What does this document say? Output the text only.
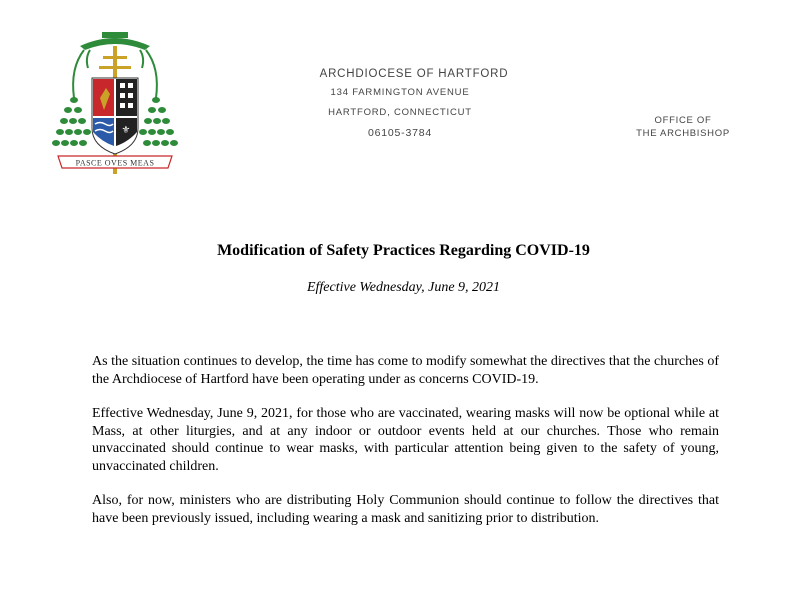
⚜
PASCE OVES MEAS
ARCHDIOCESE OF HARTFORD
134 FARMINGTON AVENUE
HARTFORD, CONNECTICUT
06105-3784
OFFICE OF
THE ARCHBISHOP
Modification of Safety Practices Regarding COVID-19
Effective Wednesday, June 9, 2021

As the situation continues to develop, the time has come to modify somewhat the directives that the churches of the Archdiocese of Hartford have been operating under as concerns COVID-19.

Effective Wednesday, June 9, 2021, for those who are vaccinated, wearing masks will now be optional while at Mass, at other liturgies, and at any indoor or outdoor events held at our churches. Those who remain unvaccinated should continue to wear masks, with particular attention being given to the safety of young, unvaccinated children.

Also, for now, ministers who are distributing Holy Communion should continue to follow the directives that have been previously issued, including wearing a mask and sanitizing prior to distribution.
